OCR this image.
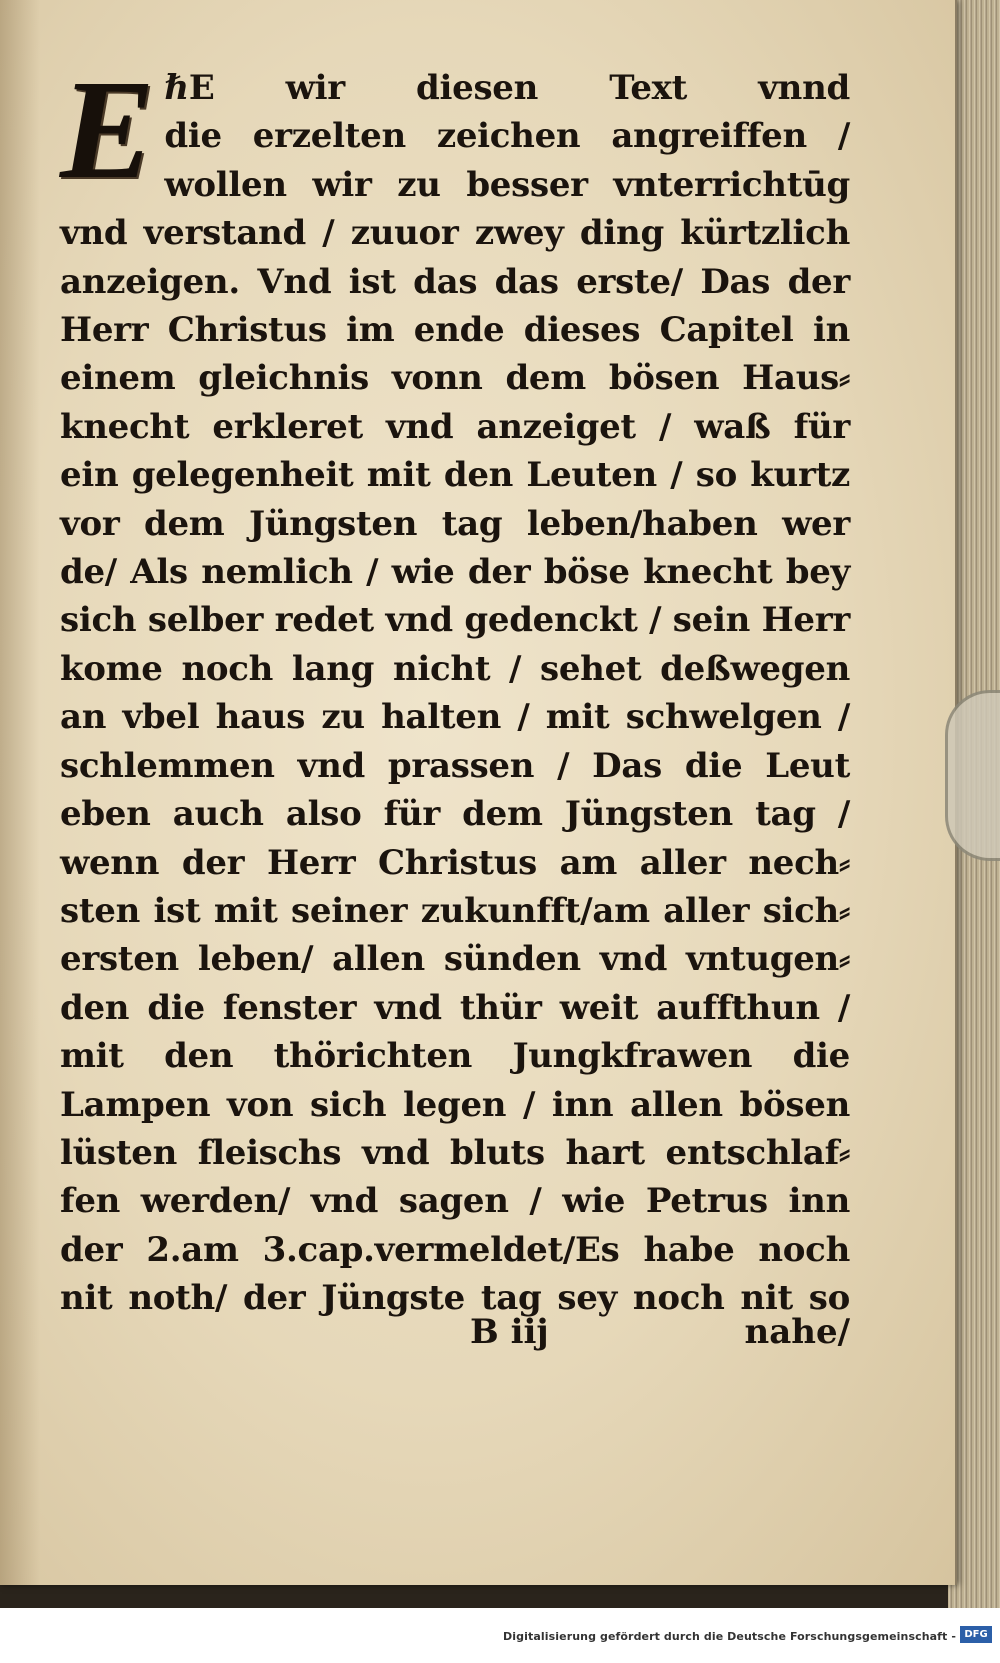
E ℏE wir diesen Text vnnd
die erzelten zeichen angreiffen /
wollen wir zu besser vnterrichtūg
vnd verstand / zuuor zwey ding kürtzlich
anzeigen. Vnd ist das das erste/ Das der
Herr Christus im ende dieses Capitel in
einem gleichnis vonn dem bösen Haus⸗
knecht erkleret vnd anzeiget / waß für
ein gelegenheit mit den Leuten / so kurtz
vor dem Jüngsten tag leben/haben wer
de/ Als nemlich / wie der böse knecht bey
sich selber redet vnd gedenckt / sein Herr
kome noch lang nicht / sehet deßwegen
an vbel haus zu halten / mit schwelgen /
schlemmen vnd prassen / Das die Leut
eben auch also für dem Jüngsten tag /
wenn der Herr Christus am aller nech⸗
sten ist mit seiner zukunfft/am aller sich⸗
ersten leben/ allen sünden vnd vntugen⸗
den die fenster vnd thür weit auffthun /
mit den thörichten Jungkfrawen die
Lampen von sich legen / inn allen bösen
lüsten fleischs vnd bluts hart entschlaf⸗
fen werden/ vnd sagen / wie Petrus inn
der 2.am 3.cap.vermeldet/Es habe noch
nit noth/ der Jüngste tag sey noch nit so
B iij	nahe/
Digitalisierung gefördert durch die Deutsche Forschungsgemeinschaft - DFG
